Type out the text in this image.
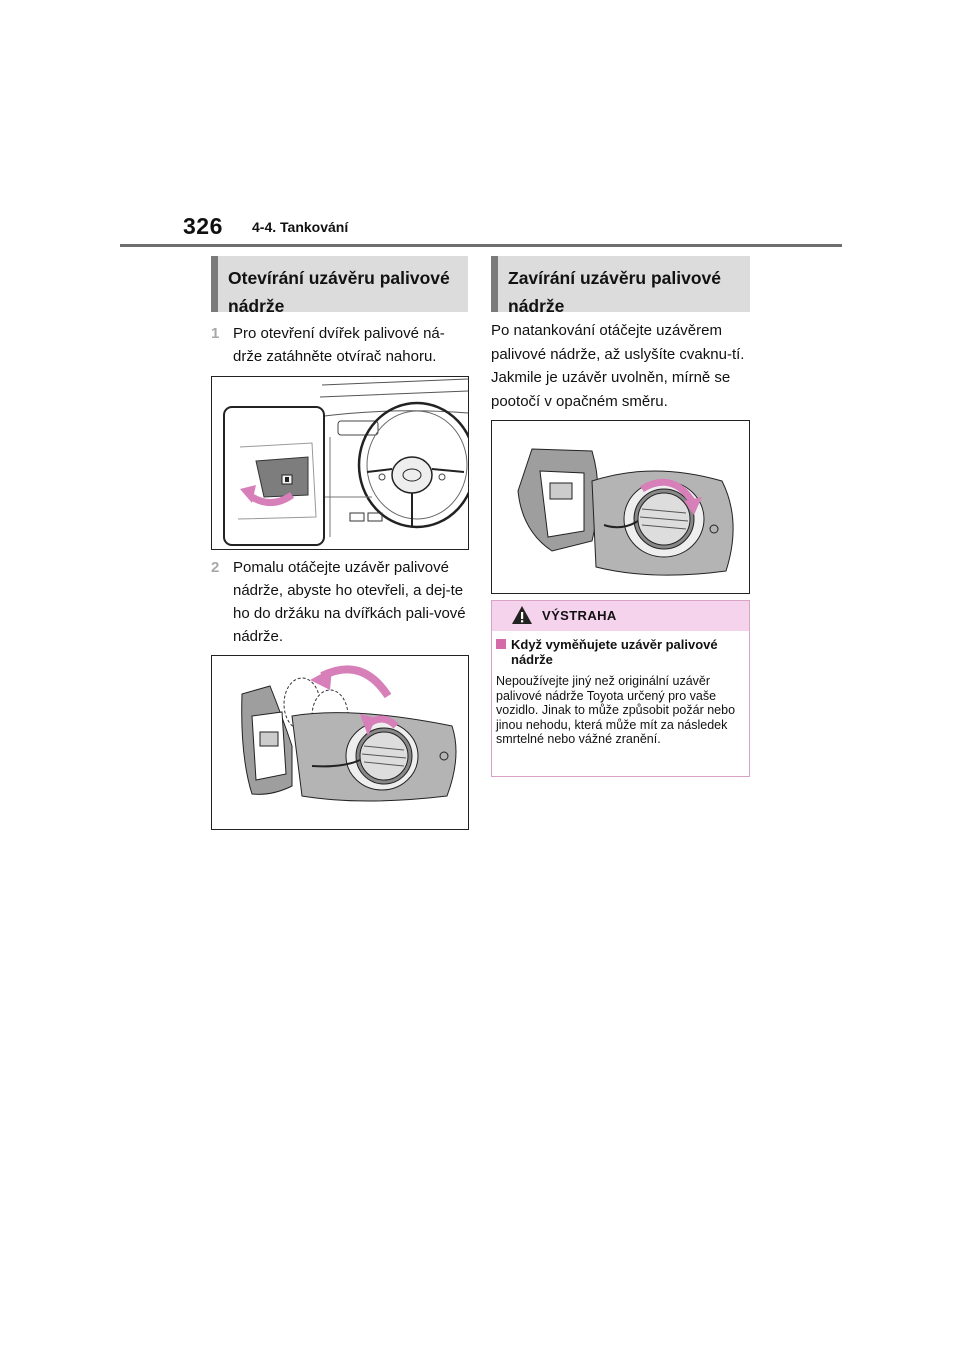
326 4-4. Tankování
Otevírání uzávěru palivové nádrže
1 Pro otevření dvířek palivové ná-drže zatáhněte otvírač nahoru.
2 Pomalu otáčejte uzávěr palivové nádrže, abyste ho otevřeli, a dej-te ho do držáku na dvířkách pali-vové nádrže.
Zavírání uzávěru palivové nádrže
Po natankování otáčejte uzávěrem palivové nádrže, až uslyšíte cvaknu-tí. Jakmile je uzávěr uvolněn, mírně se pootočí v opačném směru.
VÝSTRAHA
Když vyměňujete uzávěr palivové nádrže
Nepoužívejte jiný než originální uzávěr palivové nádrže Toyota určený pro vaše vozidlo. Jinak to může způsobit požár nebo jinou nehodu, která může mít za následek smrtelné nebo vážné zranění.
